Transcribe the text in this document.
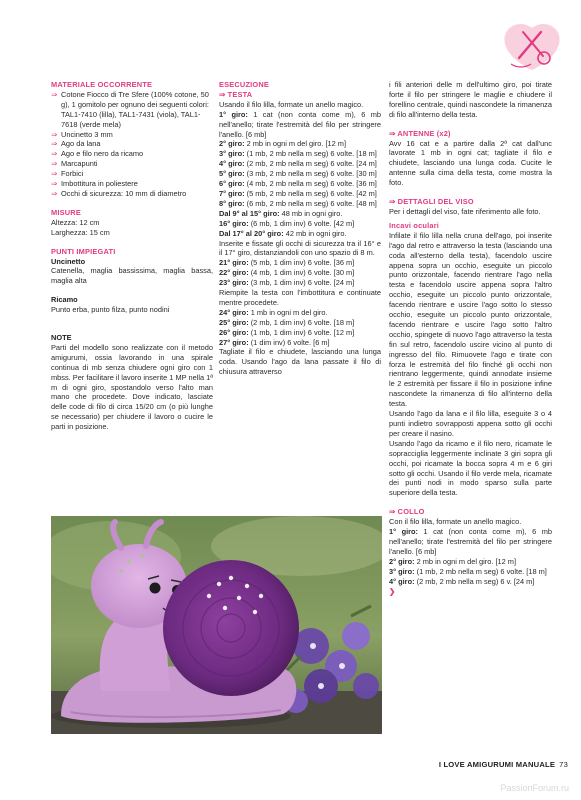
MATERIALE OCCORRENTE
⇒ Cotone Fiocco di Tre Sfere (100% cotone, 50 g), 1 gomitolo per ognuno dei seguenti colori: TAL1-7410 (lilla), TAL1-7431 (viola), TAL1-7618 (verde mela)
⇒ Uncinetto 3 mm
⇒ Ago da lana
⇒ Ago e filo nero da ricamo
⇒ Marcapunti
⇒ Forbici
⇒ Imbottitura in poliestere
⇒ Occhi di sicurezza: 10 mm di diametro
MISURE
Altezza: 12 cm
Larghezza: 15 cm
PUNTI IMPIEGATI
Uncinetto

Catenella, maglia bassissima, maglia bassa, maglia alta

Ricamo

Punto erba, punto filza, punto nodini

NOTE

Parti del modello sono realizzate con il metodo amigurumi, ossia lavorando in una spirale continua di mb senza chiudere ogni giro con 1 mbss. Per facilitare il lavoro inserite 1 MP nella 1ª m di ogni giro, spostandolo verso l'alto man mano che procedete. Dove indicato, lasciate delle code di filo di circa 15/20 cm (o più lunghe se necessario) per chiudere il lavoro o cucire le parti in posizione.

ESECUZIONE
⇒ TESTA

Usando il filo lilla, formate un anello magico.

1° giro: 1 cat (non conta come m), 6 mb nell'anello; tirate l'estremità del filo per stringere l'anello. [6 mb]

2° giro: 2 mb in ogni m del giro. [12 m]

3° giro: (1 mb, 2 mb nella m seg) 6 volte. [18 m]

4° giro: (2 mb, 2 mb nella m seg) 6 volte. [24 m]

5° giro: (3 mb, 2 mb nella m seg) 6 volte. [30 m]

6° giro: (4 mb, 2 mb nella m seg) 6 volte. [36 m]

7° giro: (5 mb, 2 mb nella m seg) 6 volte. [42 m]

8° giro: (6 mb, 2 mb nella m seg) 6 volte. [48 m]

Dal 9° al 15° giro: 48 mb in ogni giro.

16° giro: (6 mb, 1 dim inv) 6 volte. [42 m]

Dal 17° al 20° giro: 42 mb in ogni giro.

Inserite e fissate gli occhi di sicurezza tra il 16° e il 17° giro, distanziandoli con uno spazio di 8 m.

21° giro: (5 mb, 1 dim inv) 6 volte. [36 m]

22° giro: (4 mb, 1 dim inv) 6 volte. [30 m]

23° giro: (3 mb, 1 dim inv) 6 volte. [24 m]

Riempite la testa con l'imbottitura e continuate mentre procedete.

24° giro: 1 mb in ogni m del giro.

25° giro: (2 mb, 1 dim inv) 6 volte. [18 m]

26° giro: (1 mb, 1 dim inv) 6 volte. [12 m]

27° giro: (1 dim inv) 6 volte. [6 m]

Tagliate il filo e chiudete, lasciando una lunga coda. Usando l'ago da lana passate il filo di chiusura attraverso

i fili anteriori delle m dell'ultimo giro, poi tirate forte il filo per stringere le maglie e chiudere il forellino centrale, quindi nascondete la rimanenza di filo all'interno della testa.

⇒ ANTENNE (x2)

Avv 16 cat e a partire dalla 2ª cat dall'unc lavorate 1 mb in ogni cat; tagliate il filo e chiudete, lasciando una lunga coda. Cucite le antenne sulla cima della testa, come mostra la foto.

⇒ DETTAGLI DEL VISO

Per i dettagli del viso, fate riferimento alle foto.

Incavi oculari

Infilate il filo lilla nella cruna dell'ago, poi inserite l'ago dal retro e attraverso la testa (lasciando una coda all'esterno della testa), facendolo uscire appena sopra un occhio, eseguite un piccolo punto orizzontale, facendo rientrare l'ago nella testa e facendolo uscire appena sopra l'altro occhio, eseguite un piccolo punto orizzontale, facendo rientrare e uscire l'ago sotto lo stesso occhio, eseguite un piccolo punto orizzontale, facendo rientrare e uscire l'ago sotto l'altro occhio, spingete di nuovo l'ago attraverso la testa fin sul retro, facendolo uscire vicino al punto di ingresso del filo. Rimuovete l'ago e tirate con forza le estremità del filo finché gli occhi non rientrano leggermente, quindi annodate insieme le 2 estremità per fissare il filo in posizione infine nascondete la rimanenza di filo all'interno della testa.

Usando l'ago da lana e il filo lilla, eseguite 3 o 4 punti indietro sovrapposti appena sotto gli occhi per creare il nasino.

Usando l'ago da ricamo e il filo nero, ricamate le sopracciglia leggermente inclinate 3 giri sopra gli occhi, poi ricamate la bocca sopra 4 m e 6 giri sotto gli occhi. Usando il filo verde mela, ricamate dei punti nodi in modo sparso sulla parte superiore della testa.

⇒ COLLO

Con il filo lilla, formate un anello magico.

1° giro: 1 cat (non conta come m), 6 mb nell'anello; tirate l'estremità del filo per stringere l'anello. [6 mb]

2° giro: 2 mb in ogni m del giro. [12 m]

3° giro: (1 mb, 2 mb nella m seg) 6 volte. [18 m]

4° giro: (2 mb, 2 mb nella m seg) 6 v. [24 m]

❯
I LOVE AMIGURUMI MANUALE 73
PassionForum.ru
